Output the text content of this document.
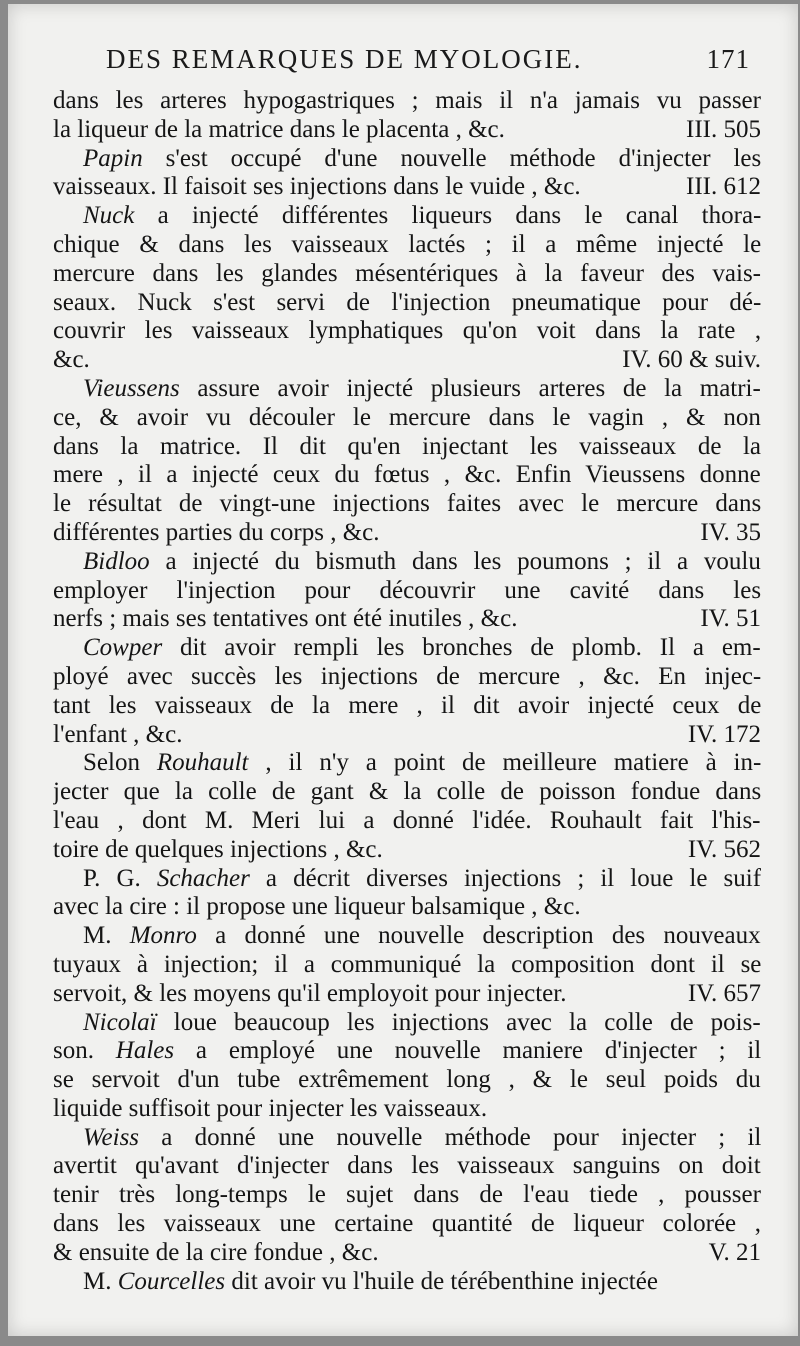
DES REMARQUES DE MYOLOGIE.	171
dans les arteres hypogastriques ; mais il n'a jamais vu passer
la liqueur de la matrice dans le placenta , &c.	III. 505
Papin s'est occupé d'une nouvelle méthode d'injecter les
vaisseaux. Il faisoit ses injections dans le vuide , &c.	III. 612
Nuck a injecté différentes liqueurs dans le canal thora-
chique & dans les vaisseaux lactés ; il a même injecté le
mercure dans les glandes mésentériques à la faveur des vais-
seaux. Nuck s'est servi de l'injection pneumatique pour dé-
couvrir les vaisseaux lymphatiques qu'on voit dans la rate ,
&c.	IV. 60 & suiv.
Vieussens assure avoir injecté plusieurs arteres de la matri-
ce, & avoir vu découler le mercure dans le vagin , & non
dans la matrice. Il dit qu'en injectant les vaisseaux de la
mere , il a injecté ceux du fœtus , &c. Enfin Vieussens donne
le résultat de vingt-une injections faites avec le mercure dans
différentes parties du corps , &c.	IV. 35
Bidloo a injecté du bismuth dans les poumons ; il a voulu
employer l'injection pour découvrir une cavité dans les
nerfs ; mais ses tentatives ont été inutiles , &c.	IV. 51
Cowper dit avoir rempli les bronches de plomb. Il a em-
ployé avec succès les injections de mercure , &c. En injec-
tant les vaisseaux de la mere , il dit avoir injecté ceux de
l'enfant , &c.	IV. 172
Selon Rouhault , il n'y a point de meilleure matiere à in-
jecter que la colle de gant & la colle de poisson fondue dans
l'eau , dont M. Meri lui a donné l'idée. Rouhault fait l'his-
toire de quelques injections , &c.	IV. 562
P. G. Schacher a décrit diverses injections ; il loue le suif
avec la cire : il propose une liqueur balsamique , &c.
M. Monro a donné une nouvelle description des nouveaux
tuyaux à injection; il a communiqué la composition dont il se
servoit, & les moyens qu'il employoit pour injecter.	IV. 657
Nicolaï loue beaucoup les injections avec la colle de pois-
son. Hales a employé une nouvelle maniere d'injecter ; il
se servoit d'un tube extrêmement long , & le seul poids du
liquide suffisoit pour injecter les vaisseaux.
Weiss a donné une nouvelle méthode pour injecter ; il
avertit qu'avant d'injecter dans les vaisseaux sanguins on doit
tenir très long-temps le sujet dans de l'eau tiede , pousser
dans les vaisseaux une certaine quantité de liqueur colorée ,
& ensuite de la cire fondue , &c.	V. 21
M. Courcelles dit avoir vu l'huile de térébenthine injectée
